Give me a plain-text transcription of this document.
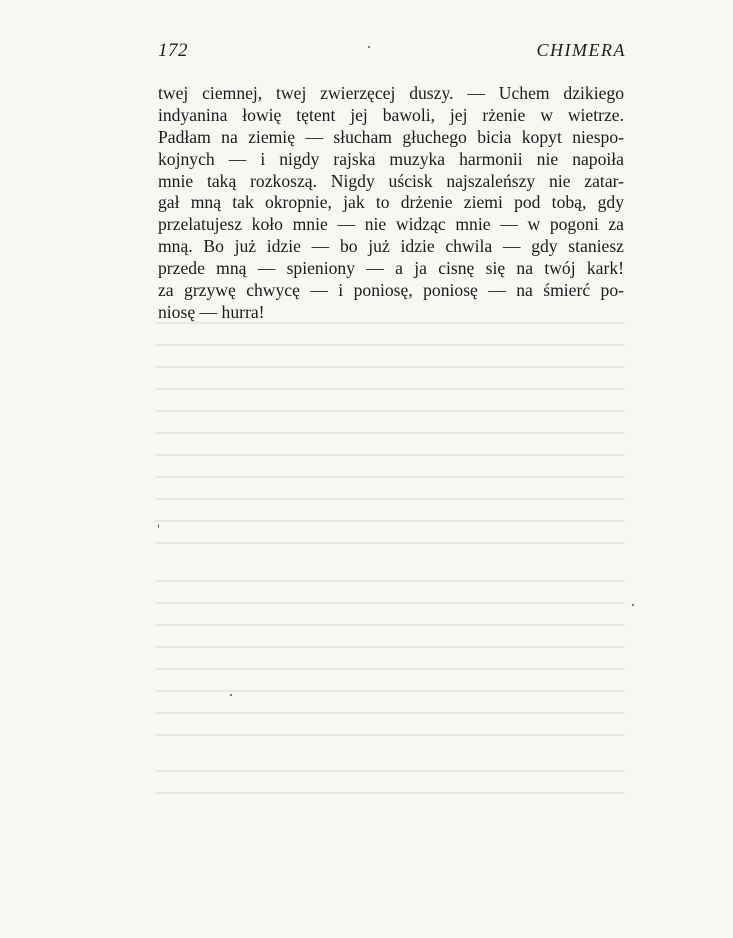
172	CHIMERA
twej ciemnej, twej zwierzęcej duszy. — Uchem dzikiego
indyanina łowię tętent jej bawoli, jej rżenie w wietrze.
Padłam na ziemię — słucham głuchego bicia kopyt niespo-
kojnych — i nigdy rajska muzyka harmonii nie napoiła
mnie taką rozkoszą. Nigdy uścisk najszaleńszy nie zatar-
gał mną tak okropnie, jak to drżenie ziemi pod tobą, gdy
przelatujesz koło mnie — nie widząc mnie — w pogoni za
mną. Bo już idzie — bo już idzie chwila — gdy staniesz
przede mną — spieniony — a ja cisnę się na twój kark!
za grzywę chwycę — i poniosę, poniosę — na śmierć po-
niosę — hurra!
